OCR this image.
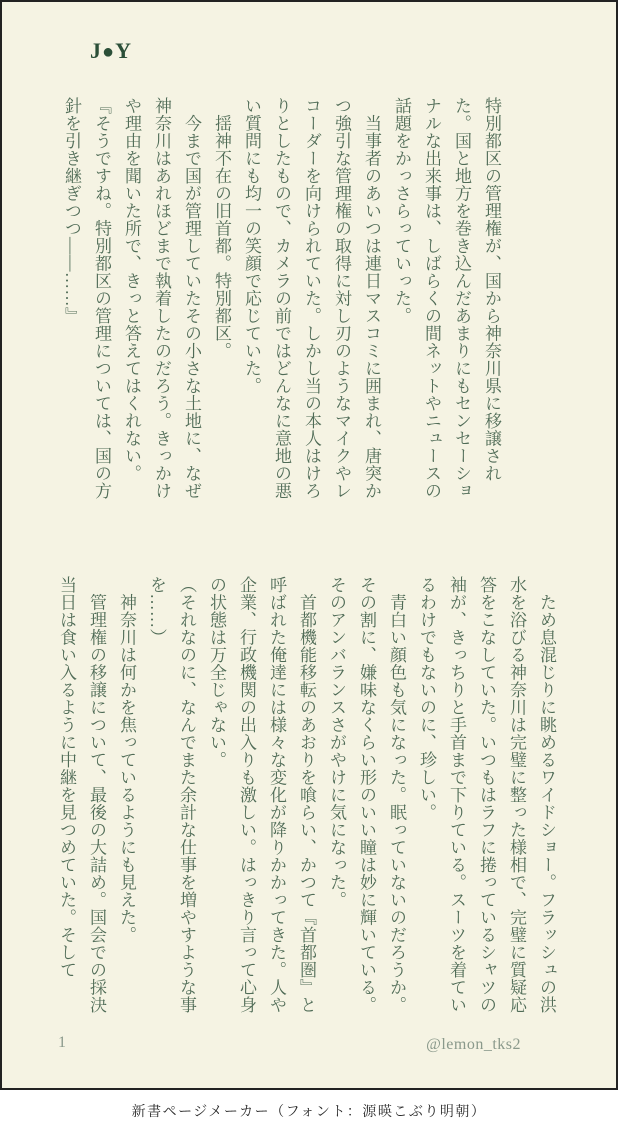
J●Y

特別都区の管理権が、国から神奈川県に移譲された。国と地方を巻き込んだあまりにもセンセーショナルな出来事は、しばらくの間ネットやニュースの話題をかっさらっていった。

　当事者のあいつは連日マスコミに囲まれ、唐突かつ強引な管理権の取得に対し刃のようなマイクやレコーダーを向けられていた。しかし当の本人はけろりとしたもので、カメラの前ではどんなに意地の悪い質問にも均一の笑顔で応じていた。

　揺神不在の旧首都。特別都区。

　今まで国が管理していたその小さな土地に、なぜ神奈川はあれほどまで執着したのだろう。きっかけや理由を聞いた所で、きっと答えてはくれない。

『そうですね。特別都区の管理については、国の方針を引き継ぎつつ――……』

　ため息混じりに眺めるワイドショー。フラッシュの洪水を浴びる神奈川は完璧に整った様相で、完璧に質疑応答をこなしていた。いつもはラフに捲っているシャツの袖が、きっちりと手首まで下りている。スーツを着ているわけでもないのに、珍しい。

　青白い顔色も気になった。眠っていないのだろうか。その割に、嫌味なくらい形のいい瞳は妙に輝いている。そのアンバランスさがやけに気になった。

　首都機能移転のあおりを喰らい、かつて『首都圏』と呼ばれた俺達には様々な変化が降りかかってきた。人や企業、行政機関の出入りも激しい。はっきり言って心身の状態は万全じゃない。

（それなのに、なんでまた余計な仕事を増やすような事を……）

　神奈川は何かを焦っているようにも見えた。

　管理権の移譲について、最後の大詰め。国会での採決当日は食い入るように中継を見つめていた。そして

1	@lemon_tks2
新書ページメーカー（フォント：源暎こぶり明朝）
